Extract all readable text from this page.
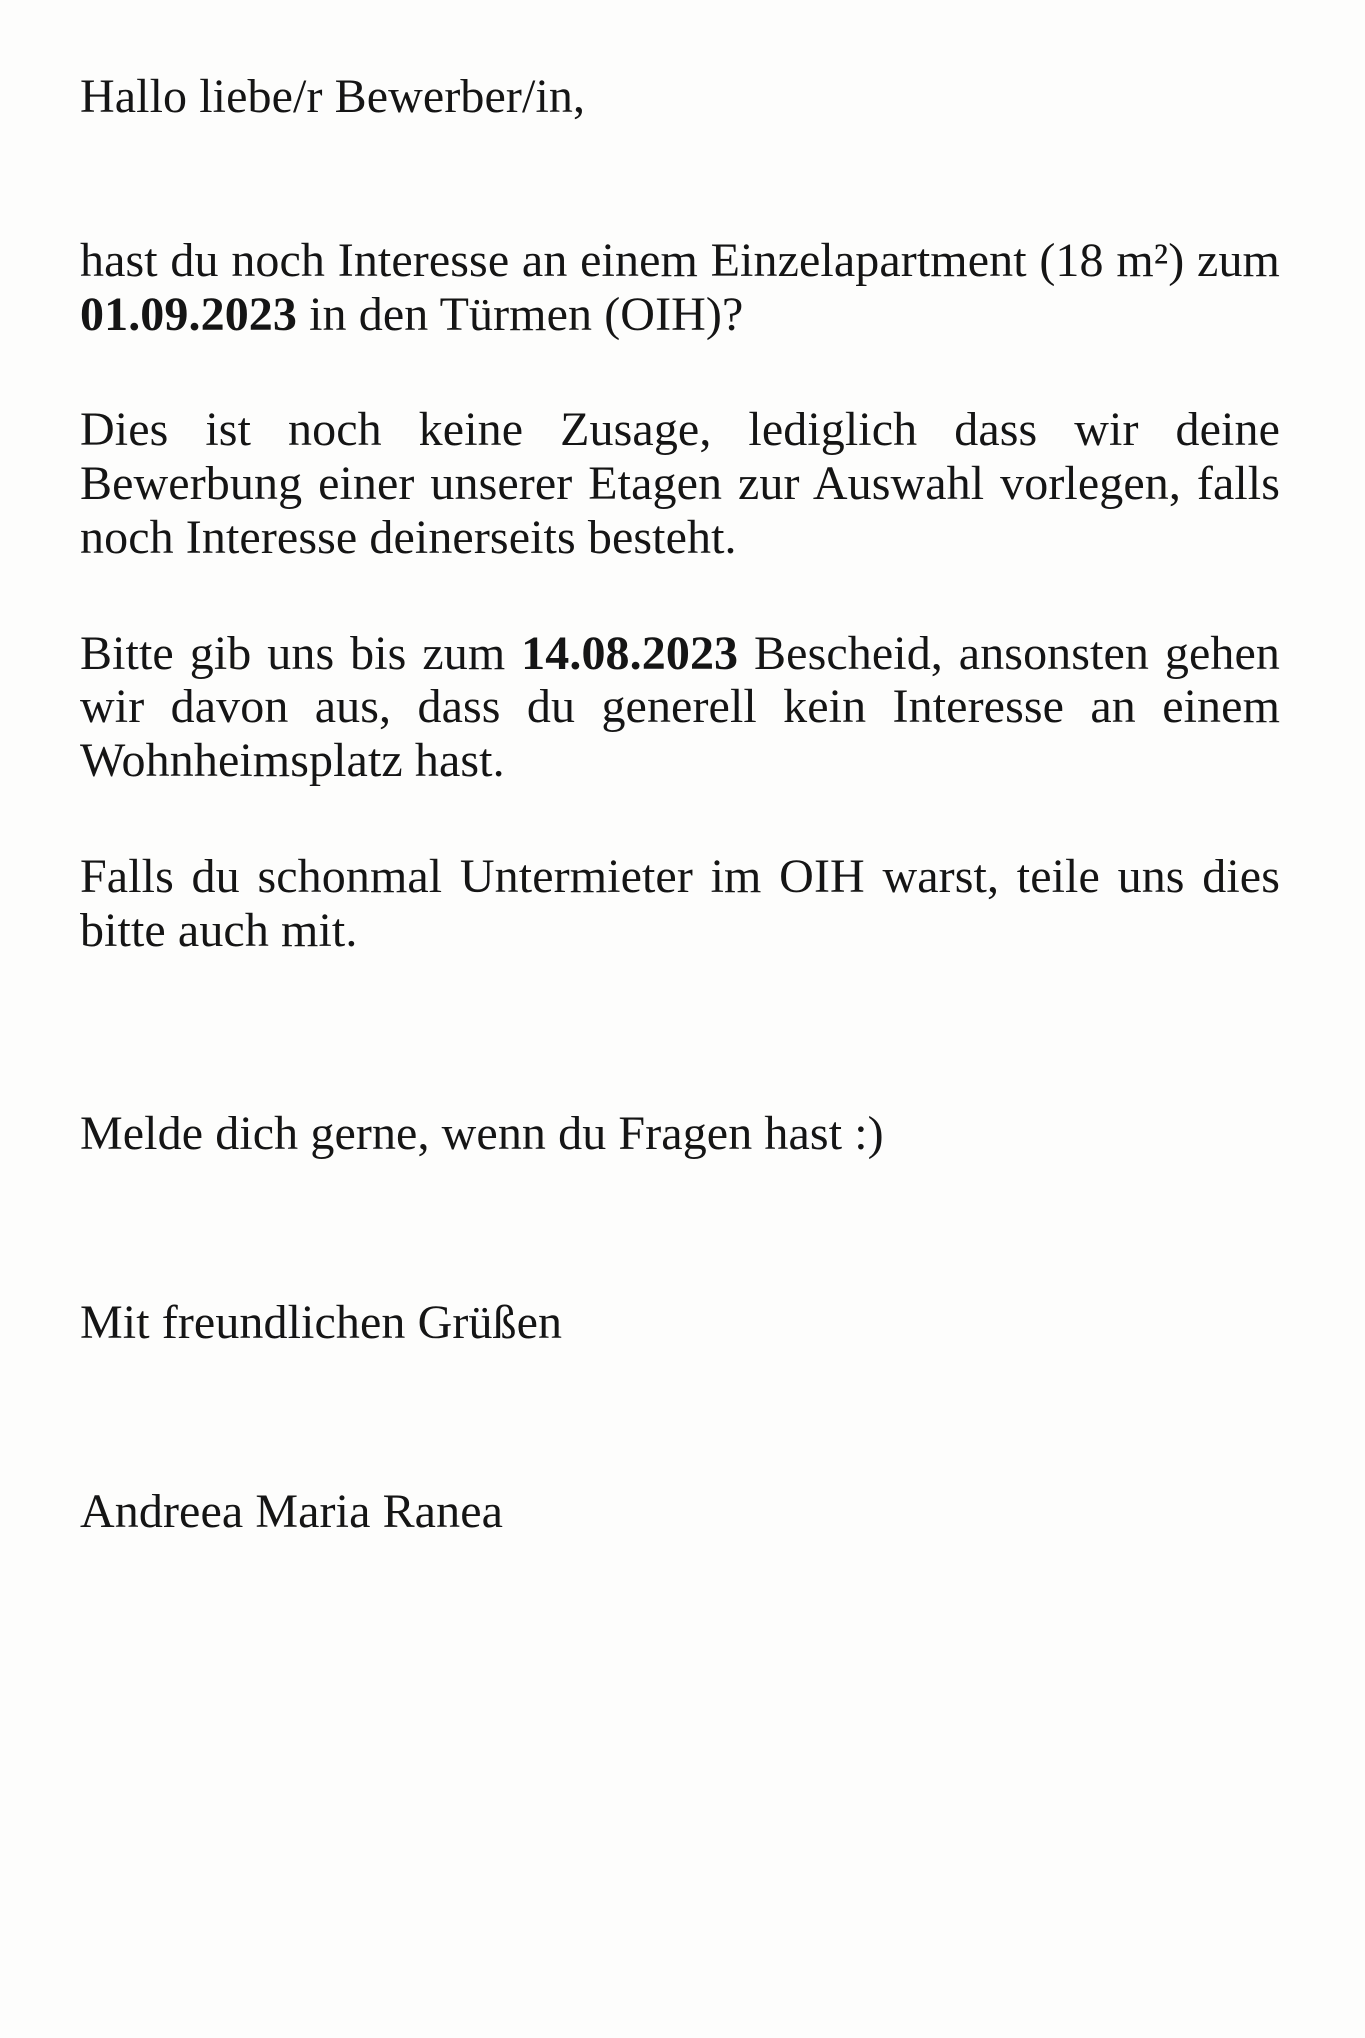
Hallo liebe/r Bewerber/in,

hast du noch Interesse an einem Einzelapartment (18 m²) zum 01.09.2023 in den Türmen (OIH)?

Dies ist noch keine Zusage, lediglich dass wir deine Bewerbung einer unserer Etagen zur Auswahl vorlegen, falls noch Interesse deinerseits besteht.

Bitte gib uns bis zum 14.08.2023 Bescheid, ansonsten gehen wir davon aus, dass du generell kein Interesse an einem Wohnheimsplatz hast.

Falls du schonmal Untermieter im OIH warst, teile uns dies bitte auch mit.

Melde dich gerne, wenn du Fragen hast :)

Mit freundlichen Grüßen

Andreea Maria Ranea
